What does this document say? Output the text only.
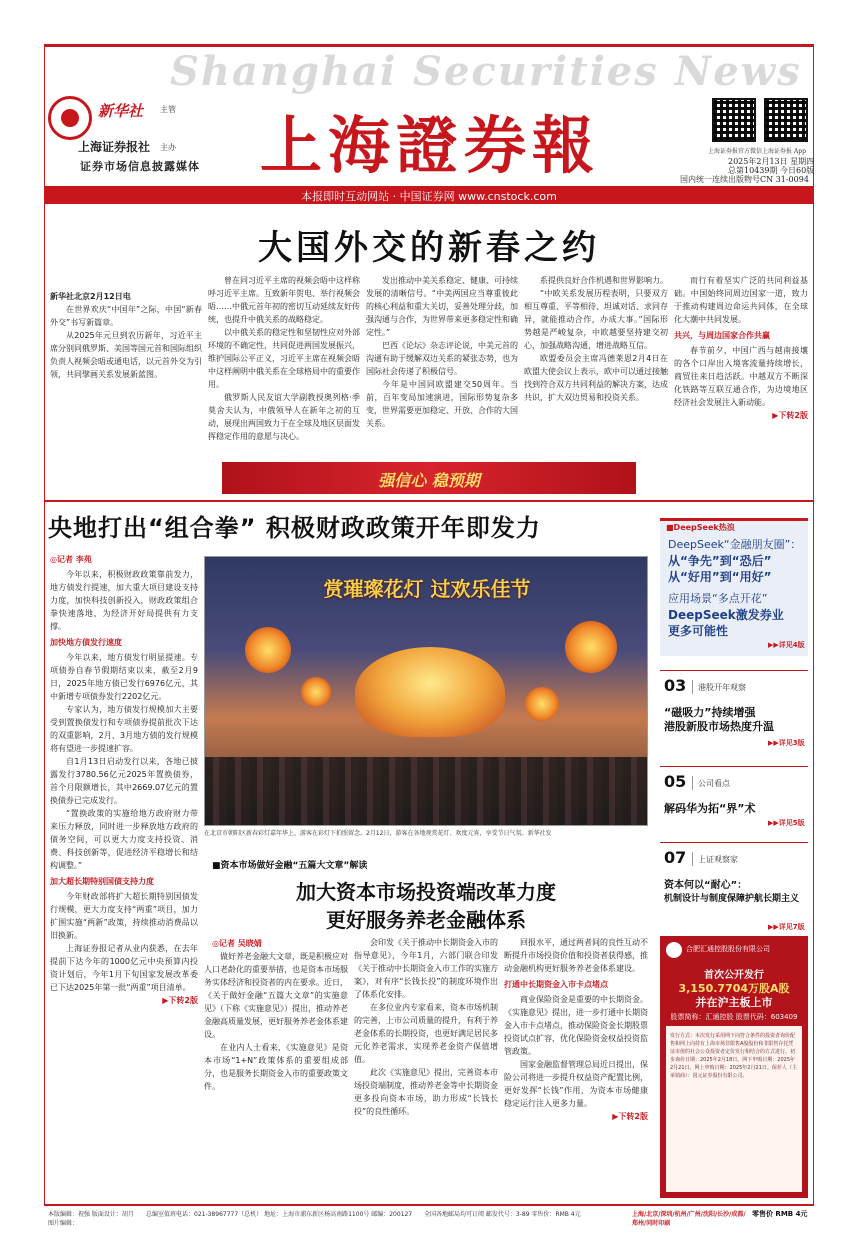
Shanghai Securities News
上海證券報
新华社 主管
上海证券报社 主办
证券市场信息披露媒体
上海证券报官方微信 上海证券报 App
2025年2月13日 星期四
总第10439期 今日60版
国内统一连续出版物号CN 31-0094
本报即时互动网站 · 中国证券网 www.cnstock.com
大国外交的新春之约
新华社北京2月12日电
在世界欢庆“中国年”之际，中国“新春外交”书写新篇章。
从2025年元旦到农历新年，习近平主席分别同俄罗斯、美国等国元首和国际组织负责人视频会晤或通电话，以元首外交为引领，共同擘画关系发展新蓝图。
曾在同习近平主席的视频会晤中这样称呼习近平主席。互致新年贺电、举行视频会晤……中俄元首年初的密切互动延续友好传统，也提升中俄关系的战略稳定。
以中俄关系的稳定性和坚韧性应对外部环境的不确定性，共同促进两国发展振兴，维护国际公平正义，习近平主席在视频会晤中这样阐明中俄关系在全球格局中的重要作用。
俄罗斯人民友谊大学副教授奥列格·季莫舍夫认为，中俄领导人在新年之初的互动，展现出两国致力于在全球及地区层面发挥稳定作用的意愿与决心。
发出推动中美关系稳定、健康、可持续发展的清晰信号。“中美两国应当尊重彼此的核心利益和重大关切，妥善处理分歧，加强沟通与合作，为世界带来更多稳定性和确定性。”
巴西《论坛》杂志评论说，中美元首的沟通有助于缓解双边关系的紧张态势，也为国际社会传递了积极信号。
今年是中国同欧盟建交50周年。当前，百年变局加速演进，国际形势复杂多变，世界需要更加稳定、开放、合作的大国关系。
系提供良好合作机遇和世界影响力。
“中欧关系发展历程表明，只要双方相互尊重、平等相待、坦诚对话、求同存异，就能推动合作，办成大事。”国际形势越是严峻复杂，中欧越要坚持建交初心，加强战略沟通，增进战略互信。
欧盟委员会主席冯德莱恩2月4日在欧盟大使会议上表示，欧中可以通过接触找到符合双方共同利益的解决方案，达成共识，扩大双边贸易和投资关系。
而行有着坚实广泛的共同利益基础。中国始终同周边国家一道，致力于推动构建周边命运共同体，在全球化大潮中共同发展。
共兴，与周边国家合作共赢
春节前夕，中国广西与越南接壤的各个口岸出入境客流量持续增长，商贸往来日趋活跃。中越双方不断深化铁路等互联互通合作，为边境地区经济社会发展注入新动能。
▶下转2版
强信心 稳预期
央地打出“组合拳” 积极财政政策开年即发力
◎记者 李苑
今年以来，积极财政政策靠前发力，地方债发行提速，加大重大项目建设支持力度，加快科技创新投入，财政政策组合拳快速落地，为经济开好局提供有力支撑。
加快地方债发行速度
今年以来，地方债发行明显提速。专项债券自春节假期结束以来，截至2月9日，2025年地方债已发行6976亿元，其中新增专项债券发行2202亿元。
专家认为，地方债发行规模加大主要受到置换债发行和专项债券提前批次下达的双重影响，2月、3月地方债的发行规模将有望进一步提速扩容。
自1月13日启动发行以来，各地已披露发行3780.56亿元2025年置换债券，首个月限额增长，其中2669.07亿元的置换债券已完成发行。
“置换政策的实施给地方政府财力带来压力释放，同时进一步释放地方政府的债务空间，可以更大力度支持投资、消费、科技创新等，促进经济平稳增长和结构调整。”
加大超长期特别国债支持力度
今年财政部将扩大超长期特别国债发行规模，更大力度支持“两重”项目，加力扩围实施“两新”政策，持续推动消费品以旧换新。
上海证券报记者从业内获悉，在去年提前下达今年的1000亿元中央预算内投资计划后，今年1月下旬国家发展改革委已下达2025年第一批“两重”项目清单。
▶下转2版
赏璀璨花灯 过欢乐佳节
在北京市朝阳区新春彩灯嘉年华上，游客在彩灯下拍照留念。2月12日，游客在各地观赏花灯、欢度元宵，享受节日气氛。新华社发
■资本市场做好金融“五篇大文章”解读
加大资本市场投资端改革力度
更好服务养老金融体系
◎记者 吴晓婧
做好养老金融大文章，既是积极应对人口老龄化的重要举措，也是资本市场服务实体经济和投资者的内在要求。近日，《关于做好金融“五篇大文章”的实施意见》（下称《实施意见》）提出，推动养老金融高质量发展，更好服务养老金体系建设。
在业内人士看来，《实施意见》是资本市场“1+N”政策体系的重要组成部分，也是服务长期资金入市的重要政策文件。
会印发《关于推动中长期资金入市的指导意见》，今年1月，六部门联合印发《关于推动中长期资金入市工作的实施方案》，对有序“长钱长投”的制度环境作出了体系化安排。
在多位业内专家看来，资本市场机制的完善，上市公司质量的提升，有利于养老金体系的长期投资，也更好满足居民多元化养老需求，实现养老金资产保值增值。
此次《实施意见》提出，完善资本市场投资端制度，推动养老金等中长期资金更多投向资本市场，助力形成“长钱长投”的良性循环。
回报水平，通过两者间的良性互动不断提升市场投资价值和投资者获得感，推动金融机构更好服务养老金体系建设。
打通中长期资金入市卡点堵点
商业保险资金是重要的中长期资金。《实施意见》提出，进一步打通中长期资金入市卡点堵点，推动保险资金长期股票投资试点扩容，优化保险资金权益投资监管政策。
国家金融监督管理总局近日提出，保险公司将进一步提升权益资产配置比例，更好发挥“长钱”作用，为资本市场健康稳定运行注入更多力量。
▶下转2版
■DeepSeek热浪
DeepSeek“金融朋友圈”：
从“争先”到“恐后”
从“好用”到“用好”
应用场景“多点开花”
DeepSeek激发券业
更多可能性
▶▶详见4版
03 港股开年观察
“磁吸力”持续增强
港股新股市场热度升温
▶▶详见3版
05 公司看点
解码华为拓“界”术
▶▶详见5版
07 上证观察家
资本何以“耐心”：
机制设计与制度保障护航长期主义
▶▶详见7版
合肥汇通控股股份有限公司
首次公开发行
3,150.7704万股A股
并在沪主板上市
股票简称：汇通控股 股票代码：603409
发行方式：本次发行采用网下向符合条件的投资者询价配售和网上向持有上海市场非限售A股股份和非限售存托凭证市值的社会公众投资者定价发行相结合的方式进行。初步询价日期：2025年2月18日。网下申购日期：2025年2月21日。网上申购日期：2025年2月21日。保荐人（主承销商）：国元证券股份有限公司。
本版编辑：祝强 版面设计：胡月 图片编辑：
总编室值班电话：021-38967777（总机） 地址：上海市浦东新区杨高南路1100号 邮编：200127	全国各地邮局均可订阅 邮发代号：3-89 零售价：RMB 4元	上海/北京/深圳/杭州/广州/沈阳/长沙/成都/郑州/同时印刷
零售价 RMB 4元
